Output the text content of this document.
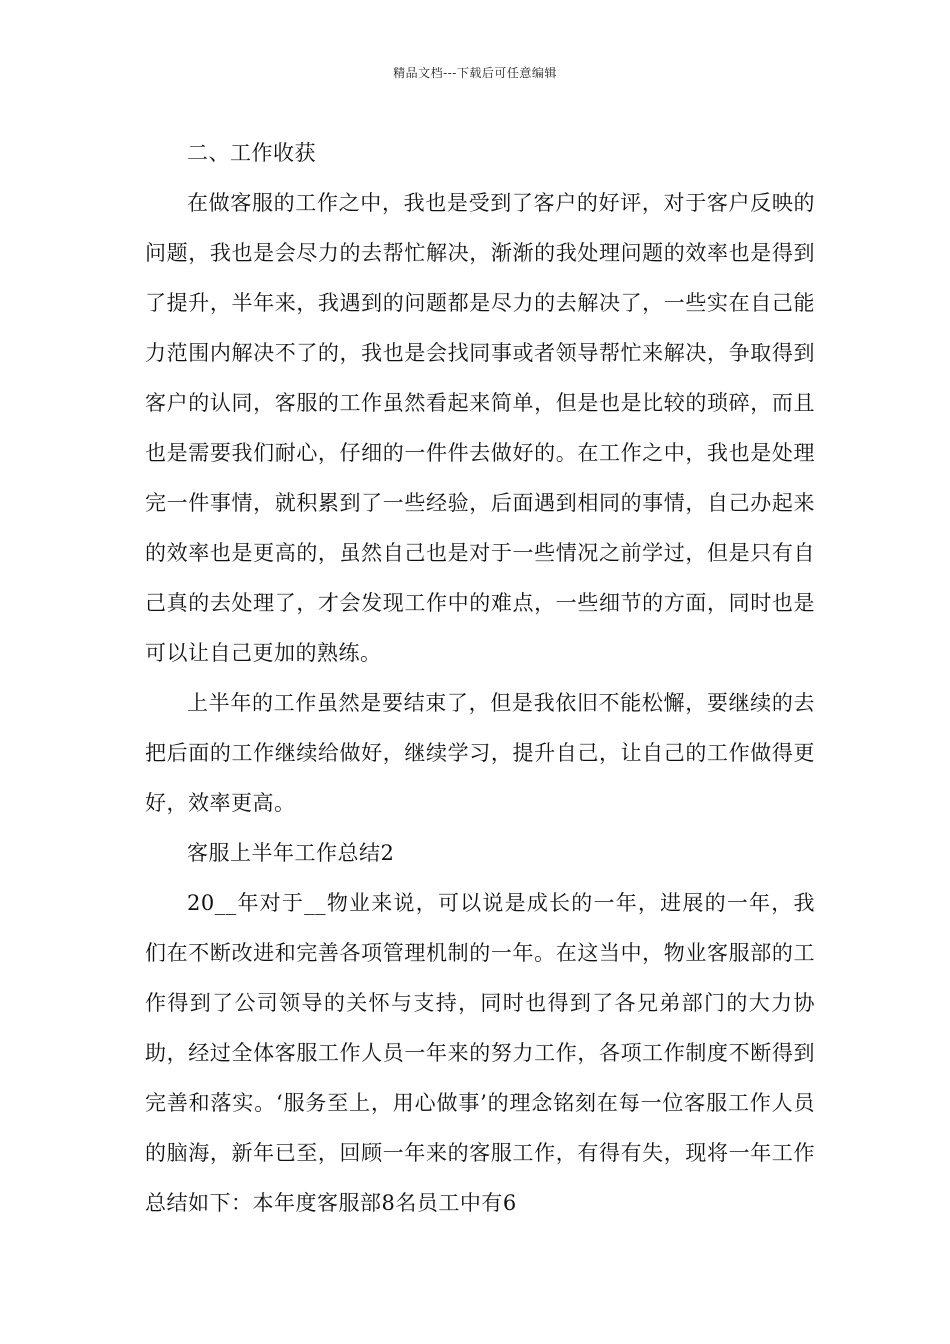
精品文档---下载后可任意编辑

二、工作收获

在做客服的工作之中，我也是受到了客户的好评，对于客户反映的问题，我也是会尽力的去帮忙解决，渐渐的我处理问题的效率也是得到了提升，半年来，我遇到的问题都是尽力的去解决了，一些实在自己能力范围内解决不了的，我也是会找同事或者领导帮忙来解决，争取得到客户的认同，客服的工作虽然看起来简单，但是也是比较的琐碎，而且也是需要我们耐心，仔细的一件件去做好的。在工作之中，我也是处理完一件事情，就积累到了一些经验，后面遇到相同的事情，自己办起来的效率也是更高的，虽然自己也是对于一些情况之前学过，但是只有自己真的去处理了，才会发现工作中的难点，一些细节的方面，同时也是可以让自己更加的熟练。

上半年的工作虽然是要结束了，但是我依旧不能松懈，要继续的去把后面的工作继续给做好，继续学习，提升自己，让自己的工作做得更好，效率更高。

客服上半年工作总结2

20__年对于__物业来说，可以说是成长的一年，进展的一年，我们在不断改进和完善各项管理机制的一年。在这当中，物业客服部的工作得到了公司领导的关怀与支持，同时也得到了各兄弟部门的大力协助，经过全体客服工作人员一年来的努力工作，各项工作制度不断得到完善和落实。‘服务至上，用心做事’的理念铭刻在每一位客服工作人员的脑海，新年已至，回顾一年来的客服工作，有得有失，现将一年工作总结如下：本年度客服部8名员工中有6
